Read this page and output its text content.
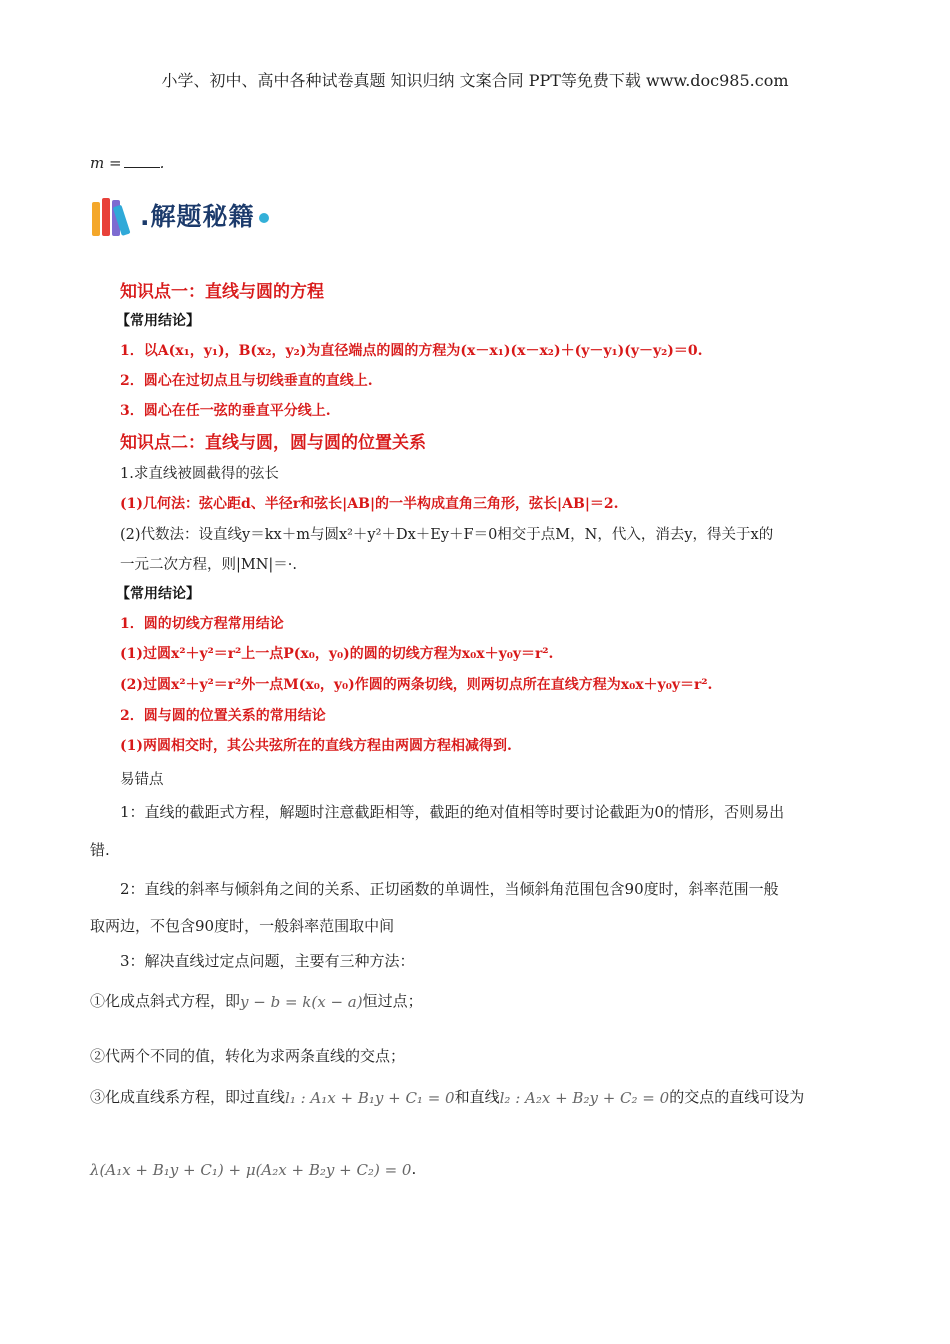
小学、初中、高中各种试卷真题 知识归纳 文案合同 PPT等免费下载 www.doc985.com
m =	.
.解题秘籍
知识点一：直线与圆的方程
【常用结论】
1．以A(x₁，y₁)，B(x₂，y₂)为直径端点的圆的方程为(x－x₁)(x－x₂)＋(y－y₁)(y－y₂)＝0.
2．圆心在过切点且与切线垂直的直线上.
3．圆心在任一弦的垂直平分线上.
知识点二：直线与圆，圆与圆的位置关系
1.求直线被圆截得的弦长
(1)几何法：弦心距d、半径r和弦长|AB|的一半构成直角三角形，弦长|AB|＝2.
(2)代数法：设直线y＝kx＋m与圆x²＋y²＋Dx＋Ey＋F＝0相交于点M，N，代入，消去y，得关于x的
一元二次方程，则|MN|＝·.
【常用结论】
1．圆的切线方程常用结论
(1)过圆x²＋y²＝r²上一点P(x₀，y₀)的圆的切线方程为x₀x＋y₀y＝r².
(2)过圆x²＋y²＝r²外一点M(x₀，y₀)作圆的两条切线，则两切点所在直线方程为x₀x＋y₀y＝r².
2．圆与圆的位置关系的常用结论
(1)两圆相交时，其公共弦所在的直线方程由两圆方程相减得到.
易错点
1：直线的截距式方程，解题时注意截距相等，截距的绝对值相等时要讨论截距为0的情形，否则易出
错.
2：直线的斜率与倾斜角之间的关系、正切函数的单调性，当倾斜角范围包含90度时，斜率范围一般
取两边，不包含90度时，一般斜率范围取中间
3：解决直线过定点问题，主要有三种方法：
①化成点斜式方程，即y − b = k(x − a)恒过点；
②代两个不同的值，转化为求两条直线的交点；
③化成直线系方程，即过直线l₁ : A₁x + B₁y + C₁ = 0和直线l₂ : A₂x + B₂y + C₂ = 0的交点的直线可设为
λ(A₁x + B₁y + C₁) + μ(A₂x + B₂y + C₂) = 0.
